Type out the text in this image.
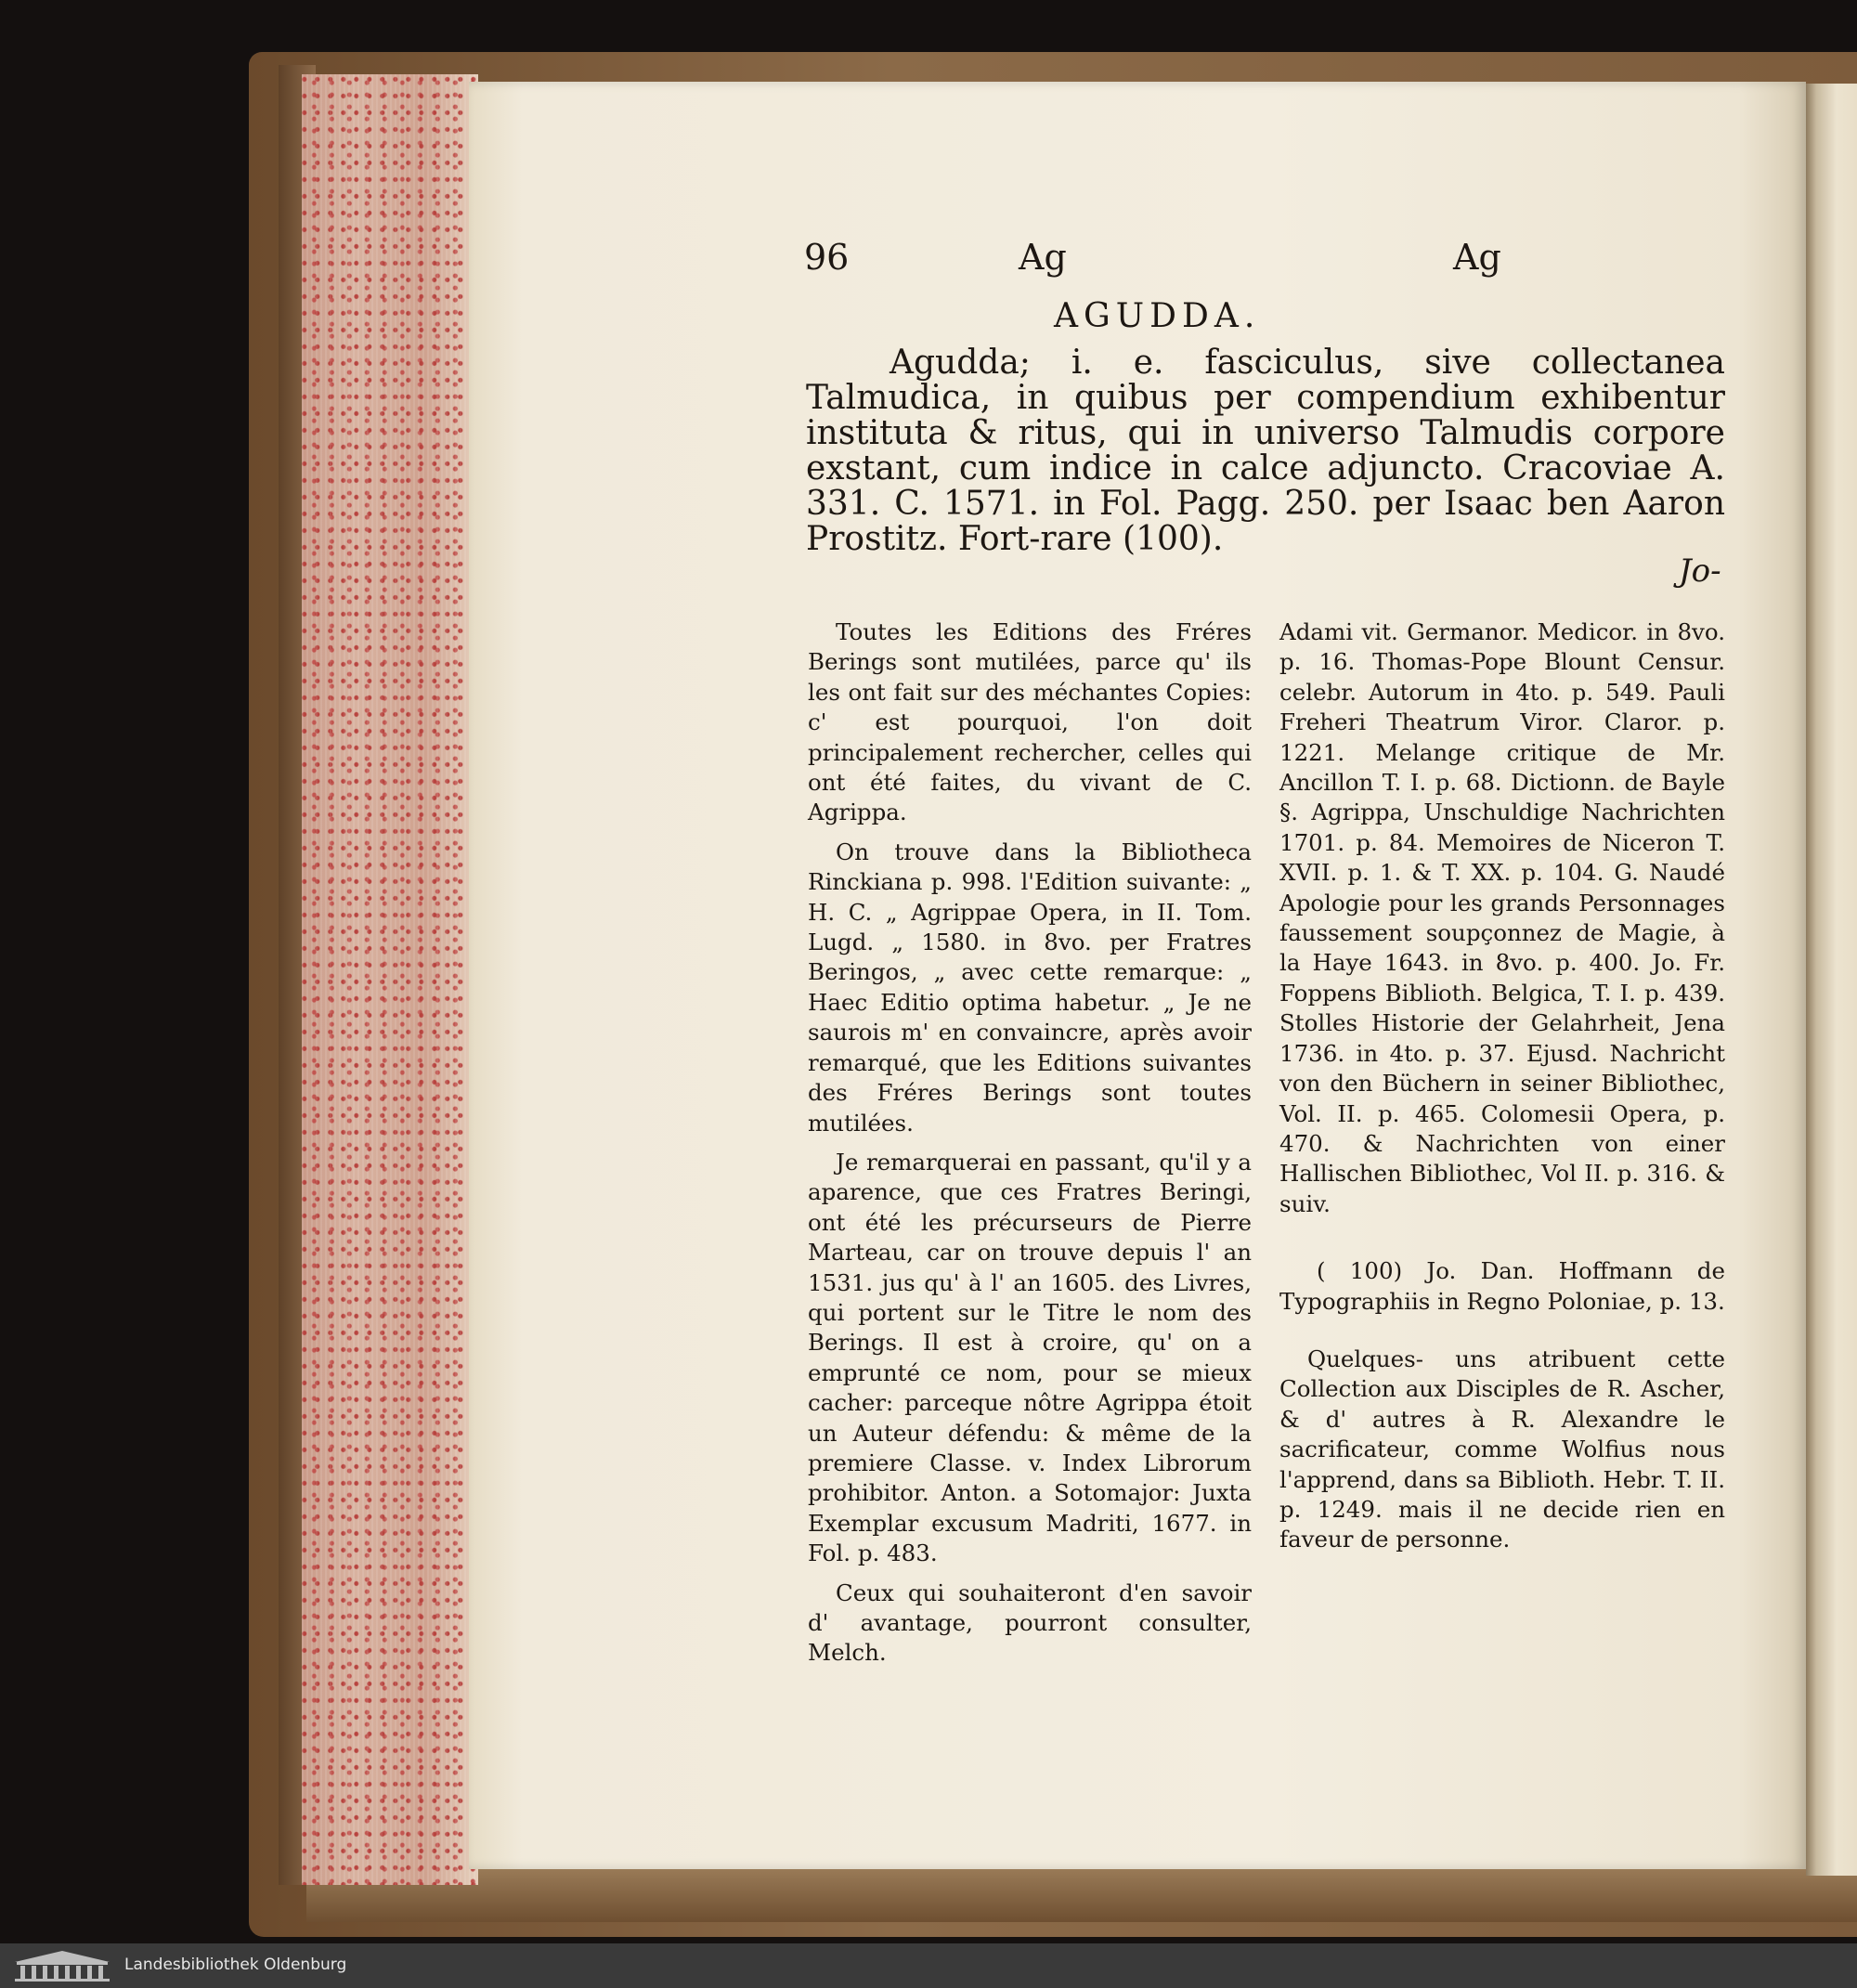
96	Ag	Ag
AGUDDA.

Agudda; i. e. fasciculus, sive collectanea Talmudica, in quibus per compendium exhibentur instituta & ritus, qui in universo Talmudis corpore exstant, cum indice in calce adjuncto. Cracoviae A. 331. C. 1571. in Fol. Pagg. 250. per Isaac ben Aaron Prostitz. Fort-rare (100).

Jo-

Toutes les Editions des Fréres Berings sont mutilées, parce qu' ils les ont fait sur des méchantes Copies: c' est pourquoi, l'on doit principalement rechercher, celles qui ont été faites, du vivant de C. Agrippa.

On trouve dans la Bibliotheca Rinckiana p. 998. l'Edition suivante: „ H. C. „ Agrippae Opera, in II. Tom. Lugd. „ 1580. in 8vo. per Fratres Beringos, „ avec cette remarque: „ Haec Editio optima habetur. „ Je ne saurois m' en convaincre, après avoir remarqué, que les Editions suivantes des Fréres Berings sont toutes mutilées.

Je remarquerai en passant, qu'il y a aparence, que ces Fratres Beringi, ont été les précurseurs de Pierre Marteau, car on trouve depuis l' an 1531. jus qu' à l' an 1605. des Livres, qui portent sur le Titre le nom des Berings. Il est à croire, qu' on a emprunté ce nom, pour se mieux cacher: parceque nôtre Agrippa étoit un Auteur défendu: & même de la premiere Classe. v. Index Librorum prohibitor. Anton. a Sotomajor: Juxta Exemplar excusum Madriti, 1677. in Fol. p. 483.

Ceux qui souhaiteront d'en savoir d' avantage, pourront consulter, Melch.

Adami vit. Germanor. Medicor. in 8vo. p. 16. Thomas-Pope Blount Censur. celebr. Autorum in 4to. p. 549. Pauli Freheri Theatrum Viror. Claror. p. 1221. Melange critique de Mr. Ancillon T. I. p. 68. Dictionn. de Bayle §. Agrippa, Unschuldige Nachrichten 1701. p. 84. Memoires de Niceron T. XVII. p. 1. & T. XX. p. 104. G. Naudé Apologie pour les grands Personnages faussement soupçonnez de Magie, à la Haye 1643. in 8vo. p. 400. Jo. Fr. Foppens Biblioth. Belgica, T. I. p. 439. Stolles Historie der Gelahrheit, Jena 1736. in 4to. p. 37. Ejusd. Nachricht von den Büchern in seiner Bibliothec, Vol. II. p. 465. Colomesii Opera, p. 470. & Nachrichten von einer Hallischen Bibliothec, Vol II. p. 316. & suiv.

( 100) Jo. Dan. Hoffmann de Typographiis in Regno Poloniae, p. 13.

Quelques- uns atribuent cette Collection aux Disciples de R. Ascher, & d' autres à R. Alexandre le sacrificateur, comme Wolfius nous l'apprend, dans sa Biblioth. Hebr. T. II. p. 1249. mais il ne decide rien en faveur de personne.

Landesbibliothek Oldenburg
